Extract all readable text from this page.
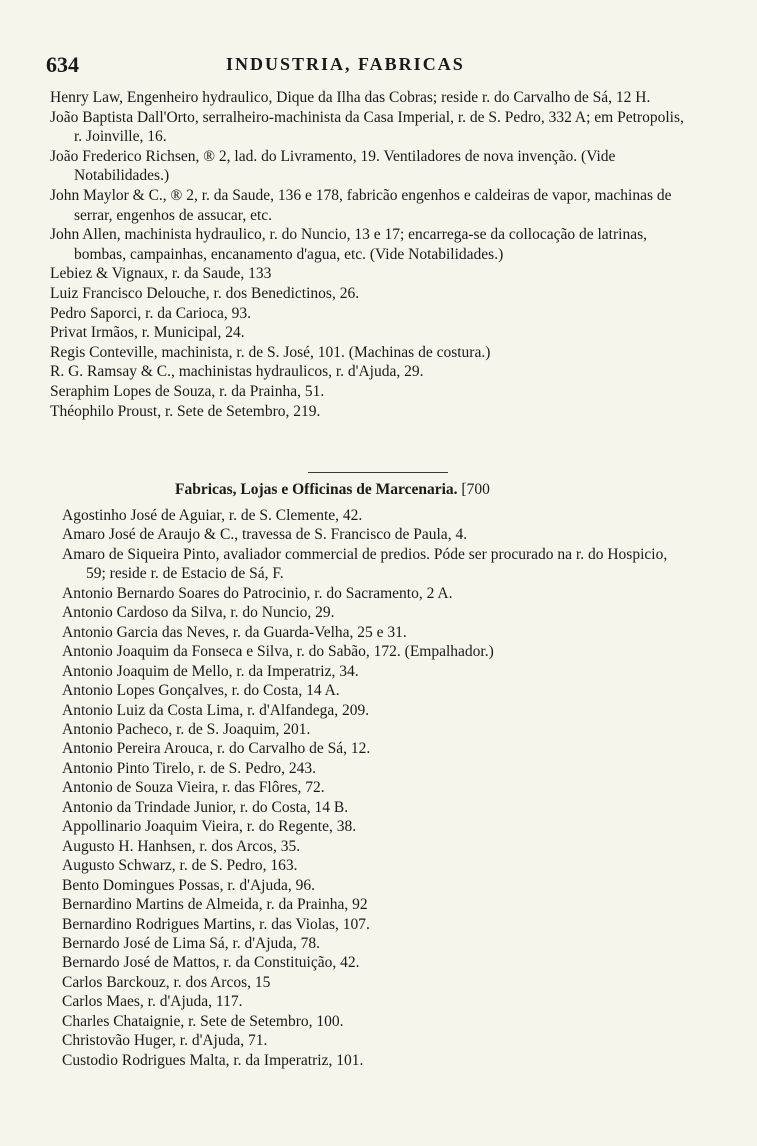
634	INDUSTRIA, FABRICAS

Henry Law, Engenheiro hydraulico, Dique da Ilha das Cobras; reside r. do Carvalho de Sá, 12 H.

João Baptista Dall'Orto, serralheiro-machinista da Casa Imperial, r. de S. Pedro, 332 A; em Petropolis, r. Joinville, 16.

João Frederico Richsen, ® 2, lad. do Livramento, 19. Ventiladores de nova invenção. (Vide Notabilidades.)

John Maylor & C., ® 2, r. da Saude, 136 e 178, fabricão engenhos e caldeiras de vapor, machinas de serrar, engenhos de assucar, etc.

John Allen, machinista hydraulico, r. do Nuncio, 13 e 17; encarrega-se da collocação de latrinas, bombas, campainhas, encanamento d'agua, etc. (Vide Notabilidades.)

Lebiez & Vignaux, r. da Saude, 133

Luiz Francisco Delouche, r. dos Benedictinos, 26.

Pedro Saporci, r. da Carioca, 93.

Privat Irmãos, r. Municipal, 24.

Regis Conteville, machinista, r. de S. José, 101. (Machinas de costura.)

R. G. Ramsay & C., machinistas hydraulicos, r. d'Ajuda, 29.

Seraphim Lopes de Souza, r. da Prainha, 51.

Théophilo Proust, r. Sete de Setembro, 219.

Fabricas, Lojas e Officinas de Marcenaria. [700

Agostinho José de Aguiar, r. de S. Clemente, 42.

Amaro José de Araujo & C., travessa de S. Francisco de Paula, 4.

Amaro de Siqueira Pinto, avaliador commercial de predios. Póde ser procurado na r. do Hospicio, 59; reside r. de Estacio de Sá, F.

Antonio Bernardo Soares do Patrocinio, r. do Sacramento, 2 A.

Antonio Cardoso da Silva, r. do Nuncio, 29.

Antonio Garcia das Neves, r. da Guarda-Velha, 25 e 31.

Antonio Joaquim da Fonseca e Silva, r. do Sabão, 172. (Empalhador.)

Antonio Joaquim de Mello, r. da Imperatriz, 34.

Antonio Lopes Gonçalves, r. do Costa, 14 A.

Antonio Luiz da Costa Lima, r. d'Alfandega, 209.

Antonio Pacheco, r. de S. Joaquim, 201.

Antonio Pereira Arouca, r. do Carvalho de Sá, 12.

Antonio Pinto Tirelo, r. de S. Pedro, 243.

Antonio de Souza Vieira, r. das Flôres, 72.

Antonio da Trindade Junior, r. do Costa, 14 B.

Appollinario Joaquim Vieira, r. do Regente, 38.

Augusto H. Hanhsen, r. dos Arcos, 35.

Augusto Schwarz, r. de S. Pedro, 163.

Bento Domingues Possas, r. d'Ajuda, 96.

Bernardino Martins de Almeida, r. da Prainha, 92

Bernardino Rodrigues Martins, r. das Violas, 107.

Bernardo José de Lima Sá, r. d'Ajuda, 78.

Bernardo José de Mattos, r. da Constituição, 42.

Carlos Barckouz, r. dos Arcos, 15

Carlos Maes, r. d'Ajuda, 117.

Charles Chataignie, r. Sete de Setembro, 100.

Christovão Huger, r. d'Ajuda, 71.

Custodio Rodrigues Malta, r. da Imperatriz, 101.
